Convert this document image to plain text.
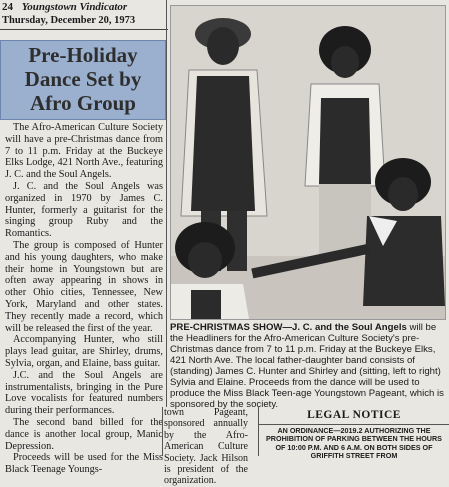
24 Youngstown Vindicator
Thursday, December 20, 1973
Pre-Holiday
Dance Set by
Afro Group

The Afro-American Culture Society will have a pre-Christmas dance from 7 to 11 p.m. Friday at the Buckeye Elks Lodge, 421 North Ave., featuring J. C. and the Soul Angels.

J. C. and the Soul Angels was organized in 1970 by James C. Hunter, formerly a guitarist for the singing group Ruby and the Romantics.

The group is composed of Hunter and his young daughters, who make their home in Youngstown but are often away appearing in shows in other Ohio cities, Tennessee, New York, Maryland and other states. They recently made a record, which will be released the first of the year.

Accompanying Hunter, who still plays lead guitar, are Shirley, drums, Sylvia, organ, and Elaine, bass guitar.

J.C. and the Soul Angels are instrumentalists, bringing in the Pure Love vocalists for featured numbers during their performances.

The second band billed for the dance is another local group, Manic Depression.

Proceeds will be used for the Miss Black Teenage Youngs-

PRE-CHRISTMAS SHOW—J. C. and the Soul Angels will be the Headliners for the Afro-American Culture Society's pre-Christmas dance from 7 to 11 p.m. Friday at the Buckeye Elks, 421 North Ave. The local father-daughter band consists of (standing) James C. Hunter and Shirley and (sitting, left to right) Sylvia and Elaine. Proceeds from the dance will be used to produce the Miss Black Teen-age Youngstown Pageant, which is sponsored by the society.

town Pageant, sponsored annually by the Afro-American Culture Society. Jack Hilson is president of the organization.

LEGAL NOTICE
AN ORDINANCE—2019.2 AUTHORIZING THE PROHIBITION OF PARKING BETWEEN THE HOURS OF 10:00 P.M. AND 6 A.M. ON BOTH SIDES OF GRIFFITH STREET FROM
